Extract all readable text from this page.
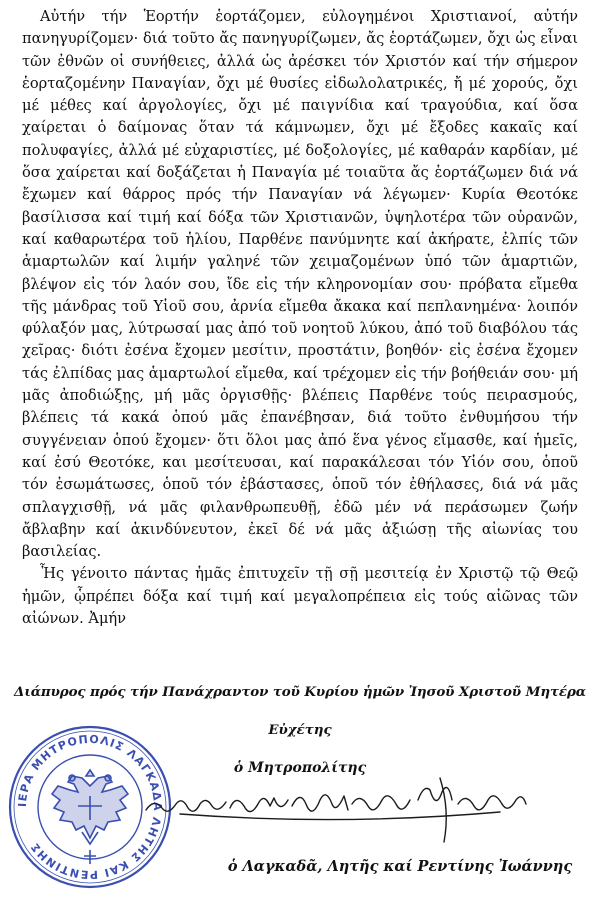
Αὐτήν τήν Ἑορτήν ἑορτάζομεν, εὐλογημένοι Χριστιανοί, αὐτήν πανηγυρίζομεν· διά τοῦτο ἄς πανηγυρίζωμεν, ἄς ἑορτάζωμεν, ὄχι ὡς εἶναι τῶν ἐθνῶν οἱ συνήθειες, ἀλλά ὡς ἀρέσκει τόν Χριστόν καί τήν σήμερον ἑορταζομένην Παναγίαν, ὄχι μέ θυσίες εἰδωλολατρικές, ἤ μέ χορούς, ὄχι μέ μέθες καί ἀργολογίες, ὄχι μέ παιγνίδια καί τραγούδια, καί ὅσα χαίρεται ὁ δαίμονας ὅταν τά κάμνωμεν, ὄχι μέ ἔξοδες κακαῖς καί πολυφαγίες, ἀλλά μέ εὐχαριστίες, μέ δοξολογίες, μέ καθαράν καρδίαν, μέ ὅσα χαίρεται καί δοξάζεται ἡ Παναγία μέ τοιαῦτα ἄς ἑορτάζωμεν διά νά ἔχωμεν καί θάρρος πρός τήν Παναγίαν νά λέγωμεν· Κυρία Θεοτόκε βασίλισσα καί τιμή καί δόξα τῶν Χριστιανῶν, ὑψηλοτέρα τῶν οὐρανῶν, καί καθαρωτέρα τοῦ ἡλίου, Παρθένε πανύμνητε καί ἀκήρατε, ἐλπίς τῶν ἁμαρτωλῶν καί λιμήν γαληνέ τῶν χειμαζομένων ὑπό τῶν ἁμαρτιῶν, βλέψον εἰς τόν λαόν σου, ἴδε εἰς τήν κληρονομίαν σου· πρόβατα εἴμεθα τῆς μάνδρας τοῦ Υἱοῦ σου, ἀρνία εἴμεθα ἄκακα καί πεπλανημένα· λοιπόν φύλαξόν μας, λύτρωσαί μας ἀπό τοῦ νοητοῦ λύκου, ἀπό τοῦ διαβόλου τάς χεῖρας· διότι ἐσένα ἔχομεν μεσίτιν, προστάτιν, βοηθόν· εἰς ἐσένα ἔχομεν τάς ἐλπίδας μας ἁμαρτωλοί εἴμεθα, καί τρέχομεν εἰς τήν βοήθειάν σου· μή μᾶς ἀποδιώξῃς, μή μᾶς ὀργισθῇς· βλέπεις Παρθένε τούς πειρασμούς, βλέπεις τά κακά ὁπού μᾶς ἐπανέβησαν, διά τοῦτο ἐνθυμήσου τήν συγγένειαν ὁπού ἔχομεν· ὅτι ὅλοι μας ἀπό ἕνα γένος εἴμασθε, καί ἡμεῖς, καί ἐσύ Θεοτόκε, και μεσίτευσαι, καί παρακάλεσαι τόν Υἱόν σου, ὁποῦ τόν ἐσωμάτωσες, ὁποῦ τόν ἐβάστασες, ὁποῦ τόν ἐθήλασες, διά νά μᾶς σπλαγχισθῇ, νά μᾶς φιλανθρωπευθῇ, ἐδῶ μέν νά περάσωμεν ζωήν ἄβλαβην καί ἀκινδύνευτον, ἐκεῖ δέ νά μᾶς ἀξιώσῃ τῆς αἰωνίας του βασιλείας.

Ἧς γένοιτο πάντας ἡμᾶς ἐπιτυχεῖν τῇ σῇ μεσιτείᾳ ἐν Χριστῷ τῷ Θεῷ ἡμῶν, ᾧπρέπει δόξα καί τιμή καί μεγαλοπρέπεια εἰς τούς αἰῶνας τῶν αἰώνων. Ἀμήν

Διάπυρος πρός τήν Πανάχραντον τοῦ Κυρίου ἡμῶν Ἰησοῦ Χριστοῦ Μητέρα
Εὐχέτης
ὁ Μητροπολίτης
ΙΕΡΑ ΜΗΤΡΟΠΟΛΙΣ ΛΑΓΚΑΔΑ ΛΗΤΗΣ ΚΑΙ ΡΕΝΤΙΝΗΣ
ὁ Λαγκαδᾶ, Λητῆς καί Ρεντίνης Ἰωάννης
